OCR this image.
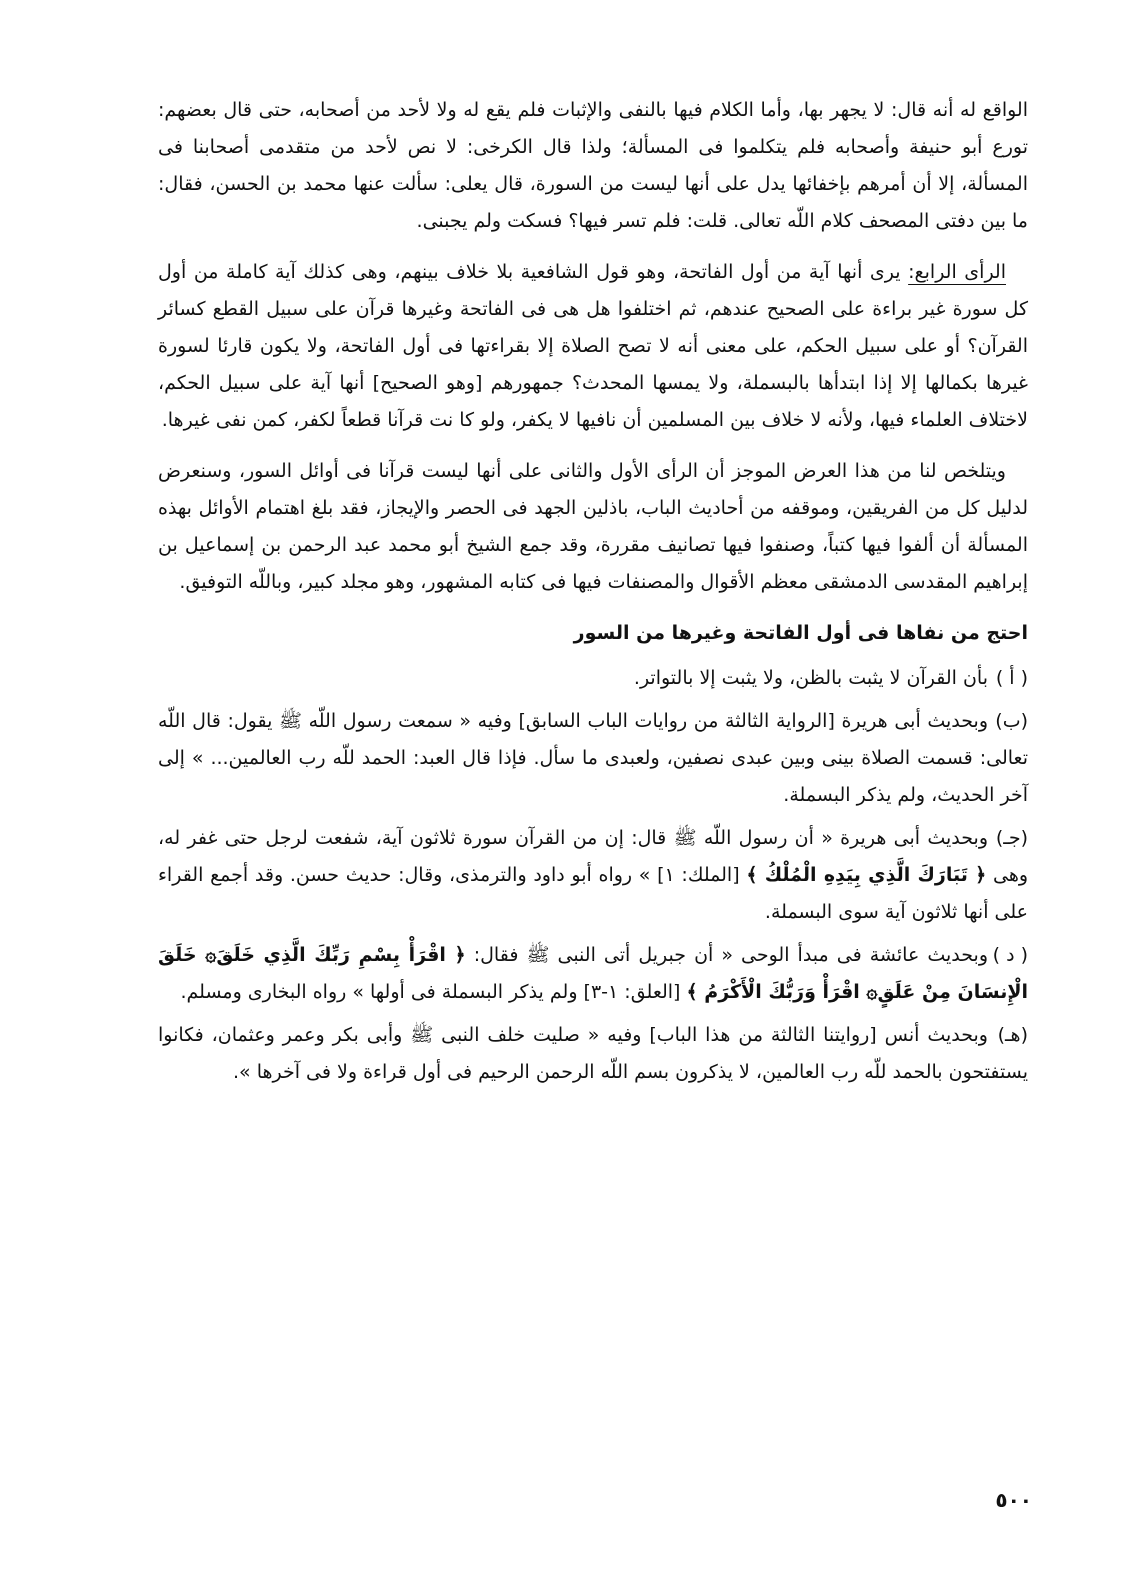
الواقع له أنه قال: لا يجهر بها، وأما الكلام فيها بالنفى والإثبات فلم يقع له ولا لأحد من أصحابه، حتى قال بعضهم: تورع أبو حنيفة وأصحابه فلم يتكلموا فى المسألة؛ ولذا قال الكرخى: لا نص لأحد من متقدمى أصحابنا فى المسألة، إلا أن أمرهم بإخفائها يدل على أنها ليست من السورة، قال يعلى: سألت عنها محمد بن الحسن، فقال: ما بين دفتى المصحف كلام اللّه تعالى. قلت: فلم تسر فيها؟ فسكت ولم يجبنى.

الرأى الرابع: يرى أنها آية من أول الفاتحة، وهو قول الشافعية بلا خلاف بينهم، وهى كذلك آية كاملة من أول كل سورة غير براءة على الصحيح عندهم، ثم اختلفوا هل هى فى الفاتحة وغيرها قرآن على سبيل القطع كسائر القرآن؟ أو على سبيل الحكم، على معنى أنه لا تصح الصلاة إلا بقراءتها فى أول الفاتحة، ولا يكون قارئا لسورة غيرها بكمالها إلا إذا ابتدأها بالبسملة، ولا يمسها المحدث؟ جمهورهم [وهو الصحيح] أنها آية على سبيل الحكم، لاختلاف العلماء فيها، ولأنه لا خلاف بين المسلمين أن نافيها لا يكفر، ولو كا نت قرآنا قطعاً لكفر، كمن نفى غيرها.

ويتلخص لنا من هذا العرض الموجز أن الرأى الأول والثانى على أنها ليست قرآنا فى أوائل السور، وسنعرض لدليل كل من الفريقين، وموقفه من أحاديث الباب، باذلين الجهد فى الحصر والإيجاز، فقد بلغ اهتمام الأوائل بهذه المسألة أن ألفوا فيها كتباً، وصنفوا فيها تصانيف مقررة، وقد جمع الشيخ أبو محمد عبد الرحمن بن إسماعيل بن إبراهيم المقدسى الدمشقى معظم الأقوال والمصنفات فيها فى كتابه المشهور، وهو مجلد كبير، وباللّه التوفيق.

احتج من نفاها فى أول الفاتحة وغيرها من السور
( أ )بأن القرآن لا يثبت بالظن، ولا يثبت إلا بالتواتر.
(ب)وبحديث أبى هريرة [الرواية الثالثة من روايات الباب السابق] وفيه « سمعت رسول اللّه ﷺ يقول: قال اللّه تعالى: قسمت الصلاة بينى وبين عبدى نصفين، ولعبدى ما سأل. فإذا قال العبد: الحمد للّه رب العالمين... » إلى آخر الحديث، ولم يذكر البسملة.
(جـ)وبحديث أبى هريرة « أن رسول اللّه ﷺ قال: إن من القرآن سورة ثلاثون آية، شفعت لرجل حتى غفر له، وهى ﴿ تَبَارَكَ الَّذِي بِيَدِهِ الْمُلْكُ ﴾ [الملك: ١] » رواه أبو داود والترمذى، وقال: حديث حسن. وقد أجمع القراء على أنها ثلاثون آية سوى البسملة.
( د )وبحديث عائشة فى مبدأ الوحى « أن جبريل أتى النبى ﷺ فقال: ﴿ اقْرَأْ بِسْمِ رَبِّكَ الَّذِي خَلَقَ۞ خَلَقَ الْإِنسَانَ مِنْ عَلَقٍ۞ اقْرَأْ وَرَبُّكَ الْأَكْرَمُ ﴾ [العلق: ١-٣] ولم يذكر البسملة فى أولها » رواه البخارى ومسلم.
(هـ)وبحديث أنس [روايتنا الثالثة من هذا الباب] وفيه « صليت خلف النبى ﷺ وأبى بكر وعمر وعثمان، فكانوا يستفتحون بالحمد للّه رب العالمين، لا يذكرون بسم اللّه الرحمن الرحيم فى أول قراءة ولا فى آخرها ».
٥٠٠
